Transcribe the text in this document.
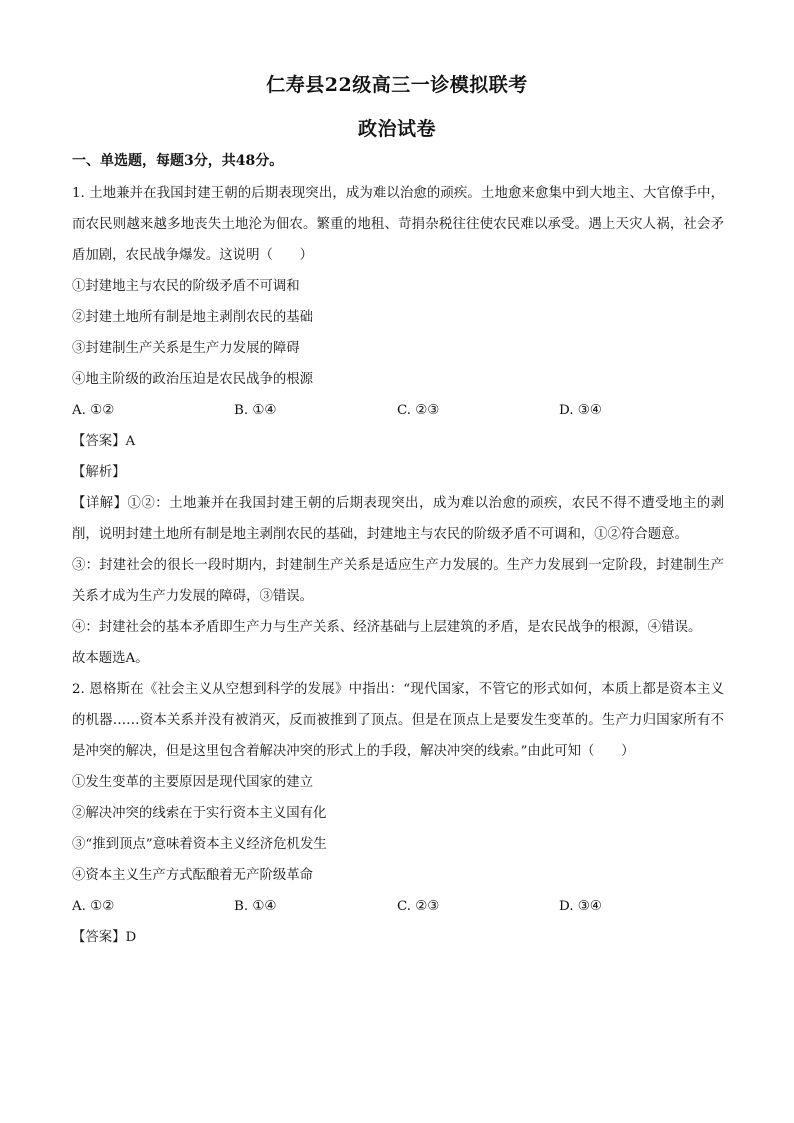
仁寿县22级高三一诊模拟联考
政治试卷
一、单选题，每题3分，共48分。
1. 土地兼并在我国封建王朝的后期表现突出，成为难以治愈的顽疾。土地愈来愈集中到大地主、大官僚手中，而农民则越来越多地丧失土地沦为佃农。繁重的地租、苛捐杂税往往使农民难以承受。遇上天灾人祸，社会矛盾加剧，农民战争爆发。这说明（　　）
①封建地主与农民的阶级矛盾不可调和
②封建土地所有制是地主剥削农民的基础
③封建制生产关系是生产力发展的障碍
④地主阶级的政治压迫是农民战争的根源
A. ①②	B. ①④	C. ②③	D. ③④
【答案】A
【解析】
【详解】①②：土地兼并在我国封建王朝的后期表现突出，成为难以治愈的顽疾，农民不得不遭受地主的剥削，说明封建土地所有制是地主剥削农民的基础，封建地主与农民的阶级矛盾不可调和，①②符合题意。
③：封建社会的很长一段时期内，封建制生产关系是适应生产力发展的。生产力发展到一定阶段，封建制生产关系才成为生产力发展的障碍，③错误。
④：封建社会的基本矛盾即生产力与生产关系、经济基础与上层建筑的矛盾，是农民战争的根源，④错误。
故本题选A。
2. 恩格斯在《社会主义从空想到科学的发展》中指出：“现代国家，不管它的形式如何，本质上都是资本主义的机器……资本关系并没有被消灭，反而被推到了顶点。但是在顶点上是要发生变革的。生产力归国家所有不是冲突的解决，但是这里包含着解决冲突的形式上的手段，解决冲突的线索。”由此可知（　　）
①发生变革的主要原因是现代国家的建立
②解决冲突的线索在于实行资本主义国有化
③“推到顶点”意味着资本主义经济危机发生
④资本主义生产方式酝酿着无产阶级革命
A. ①②	B. ①④	C. ②③	D. ③④
【答案】D
